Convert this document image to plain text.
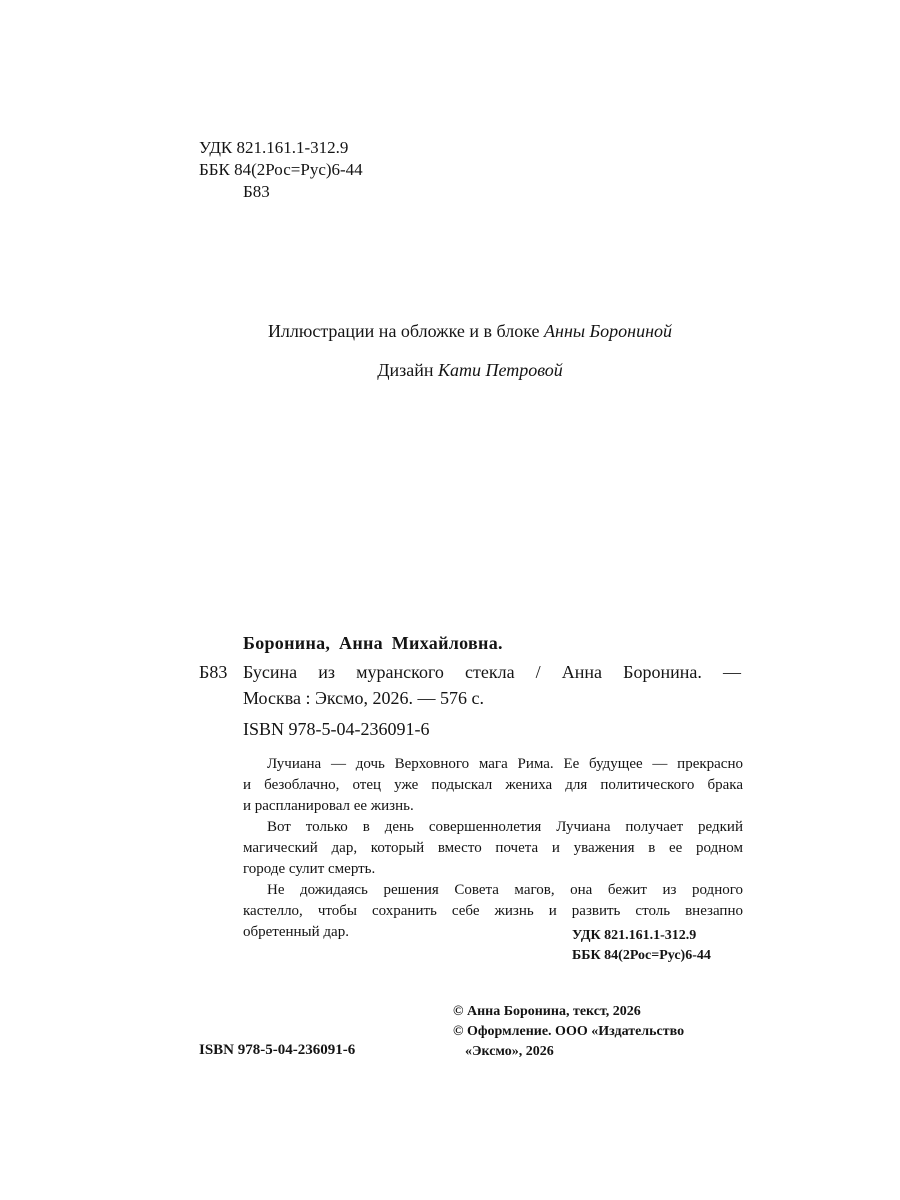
УДК 821.161.1-312.9
ББК 84(2Рос=Рус)6-44
Б83
Иллюстрации на обложке и в блоке Анны Борониной
Дизайн Кати Петровой
Боронина, Анна Михайловна.
Б83 Бусина из муранского стекла / Анна Боронина. —
Москва : Эксмо, 2026. — 576 с.
ISBN 978-5-04-236091-6

Лучиана — дочь Верховного мага Рима. Ее будущее — прекрасно
и безоблачно, отец уже подыскал жениха для политического брака
и распланировал ее жизнь.

Вот только в день совершеннолетия Лучиана получает редкий
магический дар, который вместо почета и уважения в ее родном
городе сулит смерть.

Не дожидаясь решения Совета магов, она бежит из родного
кастелло, чтобы сохранить себе жизнь и развить столь внезапно
обретенный дар.	УДК 821.161.1-312.9
ББК 84(2Рос=Рус)6-44
ISBN 978-5-04-236091-6
© Анна Боронина, текст, 2026
© Оформление. ООО «Издательство
«Эксмо», 2026
